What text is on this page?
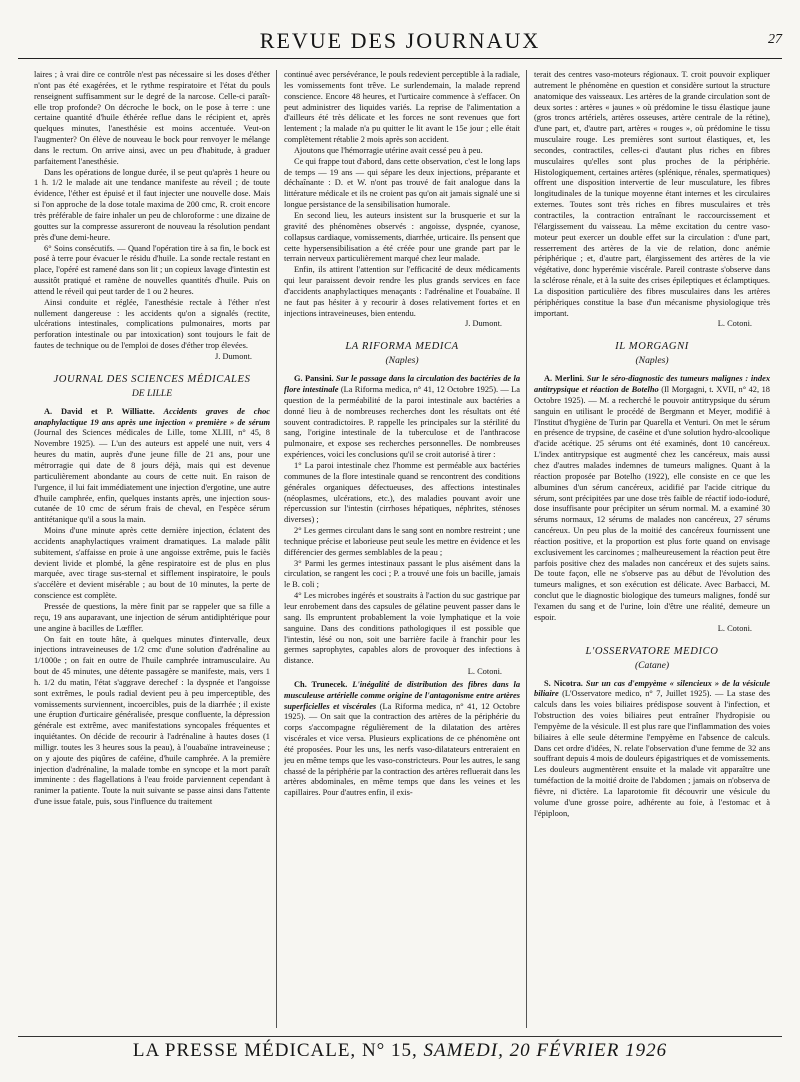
REVUE DES JOURNAUX	27

laires ; à vrai dire ce contrôle n'est pas nécessaire si les doses d'éther n'ont pas été exagérées, et le rythme respiratoire et l'état du pouls renseignent suffisamment sur le degré de la narcose. Celle-ci paraît-elle trop profonde? On décroche le bock, on le pose à terre : une certaine quantité d'huile éthérée reflue dans le récipient et, après quelques minutes, l'anesthésie est moins accentuée. Veut-on l'augmenter? On élève de nouveau le bock pour renvoyer le mélange dans le rectum. On arrive ainsi, avec un peu d'habitude, à graduer parfaitement l'anesthésie.

Dans les opérations de longue durée, il se peut qu'après 1 heure ou 1 h. 1/2 le malade ait une tendance manifeste au réveil ; de toute évidence, l'éther est épuisé et il faut injecter une nouvelle dose. Mais si l'on approche de la dose totale maxima de 200 cmc, R. croit encore très préférable de faire inhaler un peu de chloroforme : une dizaine de gouttes sur la compresse assureront de nouveau la résolution pendant près d'une demi-heure.

6° Soins consécutifs. — Quand l'opération tire à sa fin, le bock est posé à terre pour évacuer le résidu d'huile. La sonde rectale restant en place, l'opéré est ramené dans son lit ; un copieux lavage d'intestin est aussitôt pratiqué et ramène de nouvelles quantités d'huile. Puis on attend le réveil qui peut tarder de 1 ou 2 heures.

Ainsi conduite et réglée, l'anesthésie rectale à l'éther n'est nullement dangereuse : les accidents qu'on a signalés (rectite, ulcérations intestinales, complications pulmonaires, morts par perforation intestinale ou par intoxication) sont toujours le fait de fautes de technique ou de l'emploi de doses d'éther trop élevées.

J. Dumont.

JOURNAL DES SCIENCES MÉDICALES
DE LILLE

A. David et P. Williatte. Accidents graves de choc anaphylactique 19 ans après une injection « première » de sérum (Journal des Sciences médicales de Lille, tome XLIII, n° 45, 8 Novembre 1925). — L'un des auteurs est appelé une nuit, vers 4 heures du matin, auprès d'une jeune fille de 21 ans, pour une métrorragie qui date de 8 jours déjà, mais qui est devenue particulièrement abondante au cours de cette nuit. En raison de l'urgence, il lui fait immédiatement une injection d'ergotine, une autre d'huile camphrée, enfin, quelques instants après, une injection sous-cutanée de 10 cmc de sérum frais de cheval, en l'espèce sérum antitétanique qu'il a sous la main.

Moins d'une minute après cette dernière injection, éclatent des accidents anaphylactiques vraiment dramatiques. La malade pâlit subitement, s'affaisse en proie à une angoisse extrême, puis le faciès devient livide et plombé, la gêne respiratoire est de plus en plus marquée, avec tirage sus-sternal et sifflement inspiratoire, le pouls s'accélère et devient misérable ; au bout de 10 minutes, la perte de conscience est complète.

Pressée de questions, la mère finit par se rappeler que sa fille a reçu, 19 ans auparavant, une injection de sérum antidiphtérique pour une angine à bacilles de Lœffler.

On fait en toute hâte, à quelques minutes d'intervalle, deux injections intraveineuses de 1/2 cmc d'une solution d'adrénaline au 1/1000e ; on fait en outre de l'huile camphrée intramusculaire. Au bout de 45 minutes, une détente passagère se manifeste, mais, vers 1 h. 1/2 du matin, l'état s'aggrave derechef : la dyspnée et l'angoisse sont extrêmes, le pouls radial devient peu à peu imperceptible, des vomissements surviennent, incoercibles, puis de la diarrhée ; il existe une éruption d'urticaire généralisée, presque confluente, la dépression générale est extrême, avec manifestations syncopales fréquentes et inquiétantes. On décide de recourir à l'adrénaline à hautes doses (1 milligr. toutes les 3 heures sous la peau), à l'ouabaïne intraveineuse ; on y ajoute des piqûres de caféine, d'huile camphrée. A la première injection d'adrénaline, la malade tombe en syncope et la mort paraît imminente : des flagellations à l'eau froide parviennent cependant à ranimer la patiente. Toute la nuit suivante se passe ainsi dans l'attente d'une issue fatale, puis, sous l'influence du traitement

continué avec persévérance, le pouls redevient perceptible à la radiale, les vomissements font trêve. Le surlendemain, la malade reprend conscience. Encore 48 heures, et l'urticaire commence à s'effacer. On peut administrer des liquides variés. La reprise de l'alimentation a d'ailleurs été très délicate et les forces ne sont revenues que fort lentement ; la malade n'a pu quitter le lit avant le 15e jour ; elle était complètement rétablie 2 mois après son accident.

Ajoutons que l'hémorragie utérine avait cessé peu à peu.

Ce qui frappe tout d'abord, dans cette observation, c'est le long laps de temps — 19 ans — qui sépare les deux injections, préparante et déchaînante : D. et W. n'ont pas trouvé de fait analogue dans la littérature médicale et ils ne croient pas qu'on ait jamais signalé une si longue persistance de la sensibilisation humorale.

En second lieu, les auteurs insistent sur la brusquerie et sur la gravité des phénomènes observés : angoisse, dyspnée, cyanose, collapsus cardiaque, vomissements, diarrhée, urticaire. Ils pensent que cette hypersensibilisation a été créée pour une grande part par le terrain nerveux particulièrement marqué chez leur malade.

Enfin, ils attirent l'attention sur l'efficacité de deux médicaments qui leur paraissent devoir rendre les plus grands services en face d'accidents anaphylactiques menaçants : l'adrénaline et l'ouabaïne. Il ne faut pas hésiter à y recourir à doses relativement fortes et en injections intraveineuses, bien entendu.

J. Dumont.

LA RIFORMA MEDICA
(Naples)

G. Pansini. Sur le passage dans la circulation des bactéries de la flore intestinale (La Riforma medica, n° 41, 12 Octobre 1925). — La question de la perméabilité de la paroi intestinale aux bactéries a donné lieu à de nombreuses recherches dont les résultats ont été souvent contradictoires. P. rappelle les principales sur la stérilité du sang, l'origine intestinale de la tuberculose et de l'anthracose pulmonaire, et expose ses recherches personnelles. De nombreuses expériences, voici les conclusions qu'il se croit autorisé à tirer :

1° La paroi intestinale chez l'homme est perméable aux bactéries communes de la flore intestinale quand se rencontrent des conditions générales organiques défectueuses, des affections intestinales (néoplasmes, ulcérations, etc.), des maladies pouvant avoir une répercussion sur l'intestin (cirrhoses hépatiques, néphrites, sténoses diverses) ;

2° Les germes circulant dans le sang sont en nombre restreint ; une technique précise et laborieuse peut seule les mettre en évidence et les différencier des germes semblables de la peau ;

3° Parmi les germes intestinaux passant le plus aisément dans la circulation, se rangent les coci ; P. a trouvé une fois un bacille, jamais le B. coli ;

4° Les microbes ingérés et soustraits à l'action du suc gastrique par leur enrobement dans des capsules de gélatine peuvent passer dans le sang. Ils empruntent probablement la voie lymphatique et la voie sanguine. Dans des conditions pathologiques il est possible que l'intestin, lésé ou non, soit une barrière facile à franchir pour les germes saprophytes, capables alors de provoquer des infections à distance.

L. Cotoni.

Ch. Trunecek. L'inégalité de distribution des fibres dans la musculeuse artérielle comme origine de l'antagonisme entre artères superficielles et viscérales (La Riforma medica, n° 41, 12 Octobre 1925). — On sait que la contraction des artères de la périphérie du corps s'accompagne régulièrement de la dilatation des artères viscérales et vice versa. Plusieurs explications de ce phénomène ont été proposées. Pour les uns, les nerfs vaso-dilatateurs entreraient en jeu en même temps que les vaso-constricteurs. Pour les autres, le sang chassé de la périphérie par la contraction des artères refluerait dans les artères abdominales, en même temps que dans les veines et les capillaires. Pour d'autres enfin, il exis-

terait des centres vaso-moteurs régionaux. T. croit pouvoir expliquer autrement le phénomène en question et considère surtout la structure anatomique des vaisseaux. Les artères de la grande circulation sont de deux sortes : artères « jaunes » où prédomine le tissu élastique jaune (gros troncs artériels, artères osseuses, artère centrale de la rétine), d'une part, et, d'autre part, artères « rouges », où prédomine le tissu musculaire rouge. Les premières sont surtout élastiques, et, les secondes, contractiles, celles-ci d'autant plus riches en fibres musculaires qu'elles sont plus proches de la périphérie. Histologiquement, certaines artères (splénique, rénales, spermatiques) offrent une disposition intervertie de leur musculature, les fibres longitudinales de la tunique moyenne étant internes et les circulaires externes. Toutes sont très riches en fibres musculaires et très contractiles, la contraction entraînant le raccourcissement et l'élargissement du vaisseau. La même excitation du centre vaso-moteur peut exercer un double effet sur la circulation : d'une part, resserrement des artères de la vie de relation, donc anémie périphérique ; et, d'autre part, élargissement des artères de la vie végétative, donc hyperémie viscérale. Pareil contraste s'observe dans la sclérose rénale, et à la suite des crises épileptiques et éclamptiques. La disposition particulière des fibres musculaires dans les artères périphériques constitue la base d'un mécanisme physiologique très important.

L. Cotoni.

IL MORGAGNI
(Naples)

A. Merlini. Sur le séro-diagnostic des tumeurs malignes : index antitrypsique et réaction de Botelho (Il Morgagni, t. XVII, n° 42, 18 Octobre 1925). — M. a recherché le pouvoir antitrypsique du sérum sanguin en utilisant le procédé de Bergmann et Meyer, modifié à l'Institut d'hygiène de Turin par Quarella et Venturi. On met le sérum en présence de trypsine, de caséine et d'une solution hydro-alcoolique d'acide acétique. 25 sérums ont été examinés, dont 10 cancéreux. L'index antitrypsique est augmenté chez les cancéreux, mais aussi chez d'autres malades indemnes de tumeurs malignes. Quant à la réaction proposée par Botelho (1922), elle consiste en ce que les albumines d'un sérum cancéreux, acidifié par l'acide citrique du sérum, sont précipitées par une dose très faible de réactif iodo-ioduré, dose insuffisante pour précipiter un sérum normal. M. a examiné 30 sérums normaux, 12 sérums de malades non cancéreux, 27 sérums cancéreux. Un peu plus de la moitié des cancéreux fournissent une réaction positive, et la proportion est plus forte quand on envisage exclusivement les carcinomes ; malheureusement la réaction peut être parfois positive chez des malades non cancéreux et des sujets sains. De toute façon, elle ne s'observe pas au début de l'évolution des tumeurs malignes, et son exécution est délicate. Avec Barbacci, M. conclut que le diagnostic biologique des tumeurs malignes, fondé sur l'examen du sang et de l'urine, loin d'être une réalité, demeure un espoir.

L. Cotoni.

L'OSSERVATORE MEDICO
(Catane)

S. Nicotra. Sur un cas d'empyème « silencieux » de la vésicule biliaire (L'Osservatore medico, n° 7, Juillet 1925). — La stase des calculs dans les voies biliaires prédispose souvent à l'infection, et l'obstruction des voies biliaires peut entraîner l'hydropisie ou l'empyème de la vésicule. Il est plus rare que l'inflammation des voies biliaires à elle seule détermine l'empyème en l'absence de calculs. Dans cet ordre d'idées, N. relate l'observation d'une femme de 32 ans souffrant depuis 4 mois de douleurs épigastriques et de vomissements. Les douleurs augmentèrent ensuite et la malade vit apparaître une tuméfaction de la moitié droite de l'abdomen ; jamais on n'observa de fièvre, ni d'ictère. La laparotomie fit découvrir une vésicule du volume d'une grosse poire, adhérente au foie, à l'estomac et à l'épiploon,

LA PRESSE MÉDICALE, N° 15, SAMEDI, 20 FÉVRIER 1926
